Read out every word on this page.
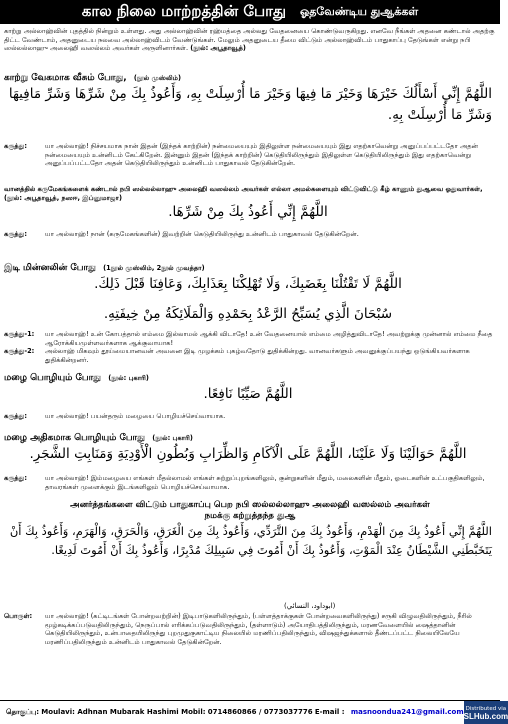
கால நிலை மாற்றத்தின் போது ஓதவேண்டிய துஆக்கள்
காற்று அல்லாஹ்வின் புதத்தில் நின்றும் உள்ளது. அது அல்லாஹ்வின் ரஹ்மத்தை அல்லது வேதனையை கொண்டுவருகிறது. எனவே நீங்கள் அதனை கண்டால் அதற்கு திட்ட வேண்டாம், அதனுடைய நலவை அல்லாஹ்விடம் வேண்டுங்கள். மேலும் அதனுடைய தீமை விட்டும் அல்லாஹ்விடம் பாதுகாப்பு தேடுங்கள் என்று நபி ஸல்லல்லாஹு அலைஹி வஸல்லம் அவர்கள் அருளினார்கள். (நூல்: அபூதாவூத்)
காற்று வேகமாக வீசும் போது, (நூல் முஸ்லிம்)
اللَّهُمَّ إِنِّي أَسْأَلُكَ خَيْرَهَا وَخَيْرَ مَا فِيهَا وَخَيْرَ مَا أُرْسِلَتْ بِهِ، وَأَعُوذُ بِكَ مِنْ شَرِّهَا وَشَرِّ مَافِيهَا وَشَرِّ مَا أُرْسِلَتْ بِهِ.
கருத்து:	யா அல்லாஹ்! நிச்சயமாக நான் இதன் (இந்தக் காற்றின்) நன்மையையும் இதிலுள்ள நன்மையையும் இது எதற்காவென்று அனுப்பப்பட்டதோ அதன் நன்மையையும் உன்னிடம் கேட்கிறேன். இன்னும் இதன் (இந்தக் காற்றின்) கெடுதியிலிருந்தும் இதிலுள்ள கெடுதியிலிருந்தும் இது எதற்காவென்று அனுப்பப்பட்டதோ அதன் கெடுதியிலிருந்தும் உன்னிடம் பாதுகாவல் தேடுகின்றேன்.
வானத்தில் கருமேகங்களைக் கண்டால் நபி ஸல்லல்லாஹு அலைஹி வஸல்லம் அவர்கள் எல்லா அமல்களையும் விட்டுவிட்டு கீழ் காணும் துஆவை ஓதுவார்கள், (நூல்: அபூதாவூத், நஸஈ, இப்னுமாஜா)
اللَّهُمَّ إِنِّي أَعُوذُ بِكَ مِنْ شَرِّهَا.
கருத்து:	யா அல்லாஹ்! நான் (கருமேகங்களின்) இவற்றின் கெடுதியிலிருந்து உன்னிடம் பாதுகாவல் தேடுகின்றேன்.
இடி மின்னலின் போது (1நூல் முஸ்லிம், 2நூல் முவத்தா)
اللَّهُمَّ لَا تَقْتُلْنَا بِغَضَبِكَ، وَلَا تُهْلِكْنَا بِعَذَابِكَ، وَعَافِنَا قَبْلَ ذَلِكَ.
سُبْحَانَ الَّذِي يُسَبِّحُ الرَّعْدُ بِحَمْدِهِ وَالْمَلَائِكَةُ مِنْ خِيفَتِهِ.
கருத்து-1:	யா அல்லாஹ்! உன் கோபத்தால் எம்மை இல்லாமல் ஆக்கி விடாதே! உன் வேதனையால் எம்மை அழித்துவிடாதே! அவற்றுக்கு முன்னால் எம்மை நீதை ஆரோக்கியமுள்ளவர்களாக ஆக்குவாயாக!
கருத்து-2:	அல்லாஹ் மிகவும் தூய்மையானவன் அவனை இடி முழக்கம் புகழ்வதோடு துதிக்கின்றது. வானவர்களும் அவனுக்குப்பயந்து ஒடுங்கியவர்களாக துதிக்கின்றனர்.
மழை பொழியும் போது (நூல்: புகாரி)
اللَّهُمَّ صَيِّبًا نَافِعًا.
கருத்து:	யா அல்லாஹ்! பயன்தரும் மழையை பொழியச்செய்வாயாக.
மழை அதிகமாக பொழியும் போது (நூல்: புகாரி)
اللَّهُمَّ حَوَالَيْنَا وَلَا عَلَيْنَا، اللَّهُمَّ عَلَى الْآكَامِ وَالظِّرَابِ وَبُطُونِ الْأَوْدِيَةِ وَمَنَابِتِ الشَّجَرِ.
கருத்து:	யா அல்லாஹ்! இம்மழையை எங்கள் மீதல்லாமல் எங்கள் சுற்றுப்புறங்களிலும், குன்றுகளின் மீதும், மலைகளின் மீதும், ஓடைகளின் உட்பகுதிகளிலும், தாவரங்கள் முளைக்கும் இடங்களிலும் பொழியச்செய்வாயாக.
அனர்த்தங்களை விட்டும் பாதுகாப்பு பெற நபி ஸல்லல்லாஹு அலைஹி வஸல்லம் அவர்கள்
நமக்கு கற்றுத்தந்த துஆ
اللَّهُمَّ إِنِّي أَعُوذُ بِكَ مِنَ الْهَدْمِ، وَأَعُوذُ بِكَ مِنَ التَّرَدِّي، وَأَعُوذُ بِكَ مِنَ الْغَرَقِ، وَالْحَرَقِ، وَالْهَرَمِ، وَأَعُوذُ بِكَ أَنْ يَتَخَبَّطَنِي الشَّيْطَانُ عِنْدَ الْمَوْتِ، وَأَعُوذُ بِكَ أَنْ أَمُوتَ فِي سَبِيلِكَ مُدْبِرًا، وَأَعُوذُ بِكَ أَنْ أَمُوتَ لَدِيغًا.
(ابوداود، النسائي)
பொருள்:	யா அல்லாஹ்! (கட்டிடங்கள் போன்றவற்றின்) இடிபாடுகளிலிருந்தும், (பள்ளத்தாக்குகள் போன்றவைகளிலிருந்து) சருகி விழுவதிலிருந்தும், நீரில் மூழ்கடிக்கப்படுவதிலிருந்தும், நெருப்பால் எரிக்கப்படுவதிலிருந்தும், (தள்ளாடும்) அயோதிபத்திலிருந்தும், மரணவேளையில் ஷைத்தானின் கெடுதியிலிருந்தும், உன்பாதையிலிருந்து புறமுதுகுகாட்டிய நிலையில் மரணிப்பதிலிருந்தும், விஷஜந்துக்களால் தீண்டப்பட்ட நிலையிலேயே மரணிப்பதிலிருந்தும் உன்னிடம் பாதுகாவல் தேடுகின்றேன்.
தொகுப்பு: Moulavi: Adhnan Mubarak Hashimi Mobil: 0714860866 / 0773037776 E-mail : masnoondua241@gmail.com Distributed via
SLHub.com
